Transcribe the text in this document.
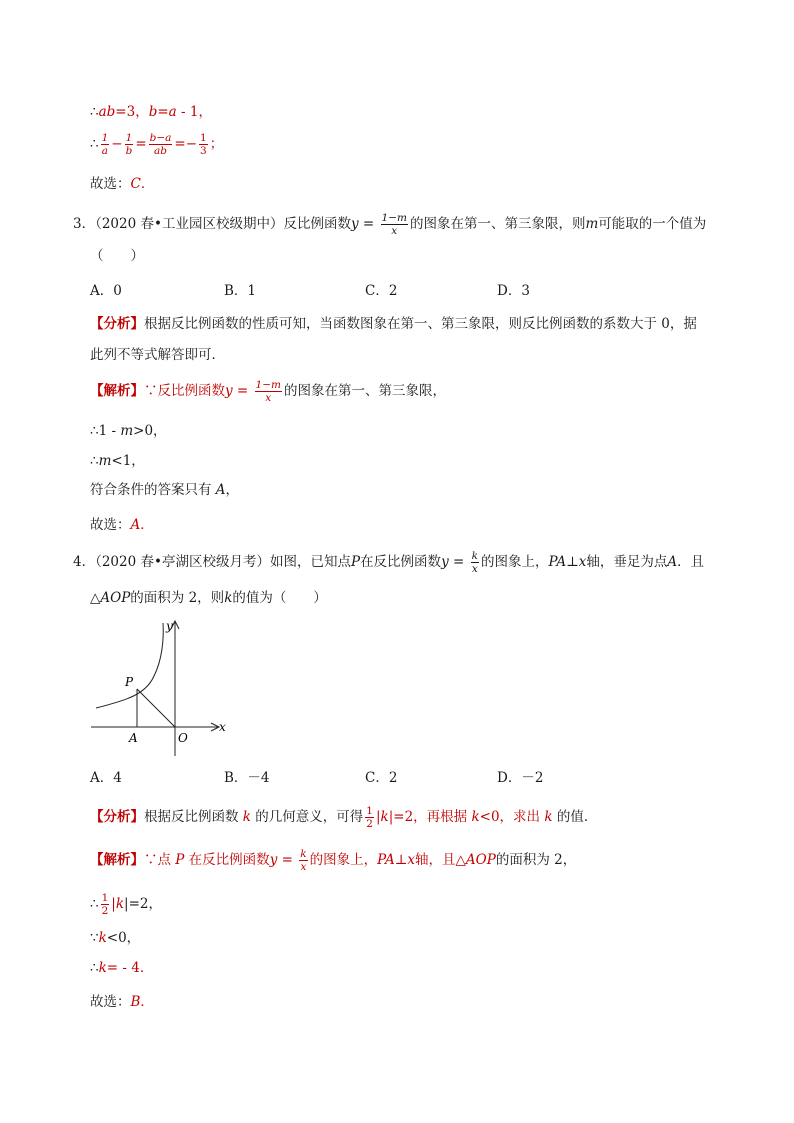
∴ab=3，b=a - 1，
∴ $\frac{1}{a} - \frac{1}{b} = \frac{b-a}{ab} =- \frac{1}{3}$ ；
故选：C．
3．（2020 春•工业园区校级期中）反比例函数$y = \frac{1-m}{x}$ 的图象在第一、第三象限，则m可能取的一个值为
（　　）
A．0	B．1	C．2	D．3
【分析】根据反比例函数的性质可知，当函数图象在第一、第三象限，则反比例函数的系数大于 0，据
此列不等式解答即可．
【解析】∵反比例函数$y = \frac{1-m}{x}$ 的图象在第一、第三象限，
∴1 - m>0，
∴m<1，
符合条件的答案只有 A，
故选：A．
4．（2020 春•亭湖区校级月考）如图，已知点P在反比例函数$y = \frac{k}{x}$ 的图象上，PA⊥x轴，垂足为点A．且
△AOP的面积为 2，则k的值为（　　）
y
x
P
A	O
A．4	B．－4	C．2	D．－2
【分析】根据反比例函数 k 的几何意义，可得 $\frac{1}{2} |k|=2$，再根据 k<0，求出 k 的值．
【解析】∵点 P 在反比例函数$y = \frac{k}{x}$ 的图象上，PA⊥x轴，且△AOP的面积为 2，
∴ $\frac{1}{2} |k|=2$，
∵k<0，
∴k= - 4．
故选：B．
